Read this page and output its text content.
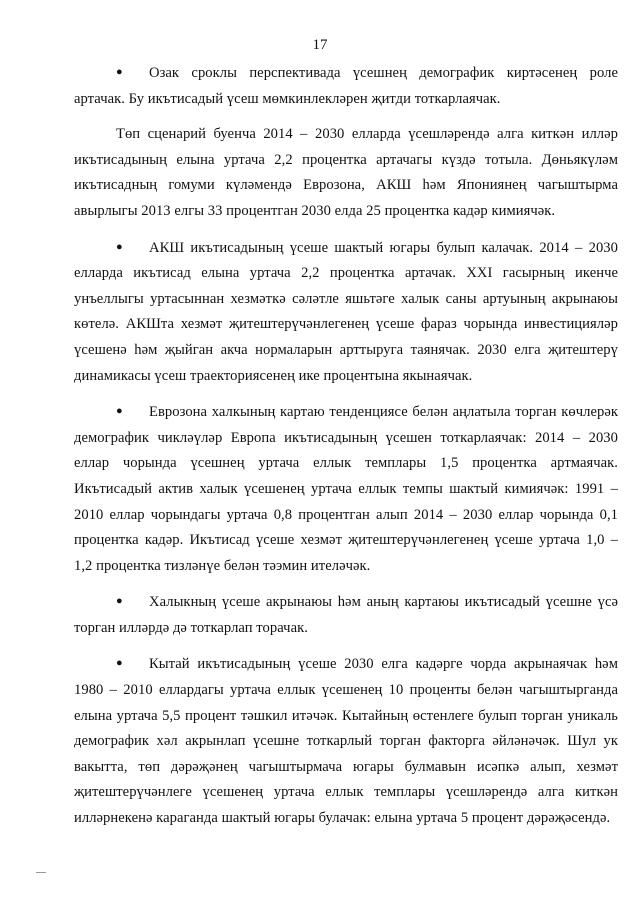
17

●Озак сроклы перспективада үсешнең демографик киртәсенең роле артачак. Бу икътисадый үсеш мөмкинлекләрен җитди тоткарлаячак.

Төп сценарий буенча 2014 – 2030 елларда үсешләрендә алга киткән илләр икътисадының елына уртача 2,2 процентка артачагы күздә тотыла. Дөньякүләм икътисадның гомуми күләмендә Еврозона, АКШ һәм Япониянең чагыштырма авырлыгы 2013 елгы 33 процентган 2030 елда 25 процентка кадәр кимиячәк.

●АКШ икътисадының үсеше шактый югары булып калачак. 2014 – 2030 елларда икътисад елына уртача 2,2 процентка артачак. XXI гасырның икенче унъеллыгы уртасыннан хезмәткә сәләтле яшьтәге халык саны артуының акрынаюы көтелә. АКШта хезмәт җитештерүчәнлегенең үсеше фараз чорында инвестицияләр үсешенә һәм җыйган акча нормаларын арттыруга таянячак. 2030 елга җитештерү динамикасы үсеш траекториясенең ике процентына якынаячак.

●Еврозона халкының картаю тенденциясе белән аңлатыла торган көчлерәк демографик чикләүләр Европа икътисадының үсешен тоткарлаячак: 2014 – 2030 еллар чорында үсешнең уртача еллык темплары 1,5 процентка артмаячак. Икътисадый актив халык үсешенең уртача еллык темпы шактый кимиячәк: 1991 – 2010 еллар чорындагы уртача 0,8 процентган алып 2014 – 2030 еллар чорында 0,1 процентка кадәр. Икътисад үсеше хезмәт җитештерүчәнлегенең үсеше уртача 1,0 – 1,2 процентка тизләнүе белән тәэмин ителәчәк.

●Халыкның үсеше акрынаюы һәм аның картаюы икътисадый үсешне үсә торган илләрдә дә тоткарлап торачак.

●Кытай икътисадының үсеше 2030 елга кадәрге чорда акрынаячак һәм 1980 – 2010 еллардагы уртача еллык үсешенең 10 проценты белән чагыштырганда елына уртача 5,5 процент тәшкил итәчәк. Кытайның өстенлеге булып торган уникаль демографик хәл акрынлап үсешне тоткарлый торган факторга әйләнәчәк. Шул ук вакытта, төп дәрәҗәнең чагыштырмача югары булмавын исәпкә алып, хезмәт җитештерүчәнлеге үсешенең уртача еллык темплары үсешләрендә алга киткән илләрнекенә караганда шактый югары булачак: елына уртача 5 процент дәрәҗәсендә.
